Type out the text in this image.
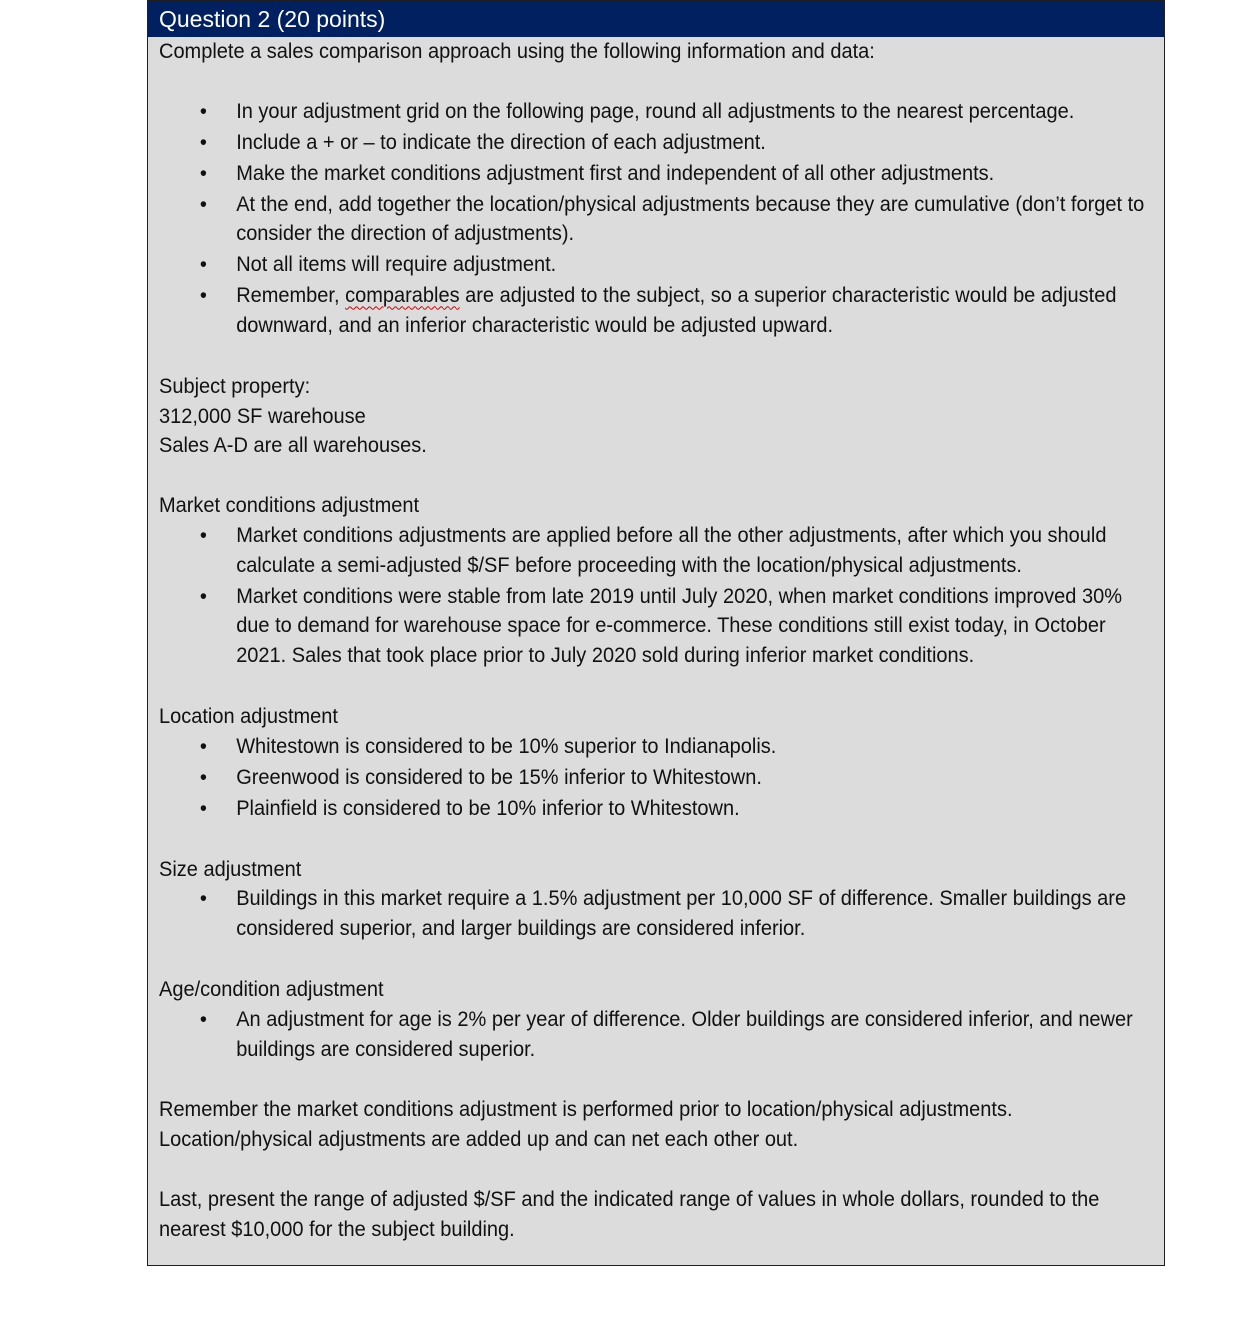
Question 2 (20 points)

Complete a sales comparison approach using the following information and data:

• In your adjustment grid on the following page, round all adjustments to the nearest percentage.
• Include a + or – to indicate the direction of each adjustment.
• Make the market conditions adjustment first and independent of all other adjustments.
• At the end, add together the location/physical adjustments because they are cumulative (don’t forget to consider the direction of adjustments).
• Not all items will require adjustment.
• Remember, comparables are adjusted to the subject, so a superior characteristic would be adjusted downward, and an inferior characteristic would be adjusted upward.

Subject property:

312,000 SF warehouse

Sales A-D are all warehouses.

Market conditions adjustment

• Market conditions adjustments are applied before all the other adjustments, after which you should calculate a semi-adjusted $/SF before proceeding with the location/physical adjustments.
• Market conditions were stable from late 2019 until July 2020, when market conditions improved 30% due to demand for warehouse space for e-commerce. These conditions still exist today, in October 2021. Sales that took place prior to July 2020 sold during inferior market conditions.

Location adjustment

• Whitestown is considered to be 10% superior to Indianapolis.
• Greenwood is considered to be 15% inferior to Whitestown.
• Plainfield is considered to be 10% inferior to Whitestown.

Size adjustment

• Buildings in this market require a 1.5% adjustment per 10,000 SF of difference. Smaller buildings are considered superior, and larger buildings are considered inferior.

Age/condition adjustment

• An adjustment for age is 2% per year of difference. Older buildings are considered inferior, and newer buildings are considered superior.

Remember the market conditions adjustment is performed prior to location/physical adjustments.

Location/physical adjustments are added up and can net each other out.

Last, present the range of adjusted $/SF and the indicated range of values in whole dollars, rounded to the nearest $10,000 for the subject building.
